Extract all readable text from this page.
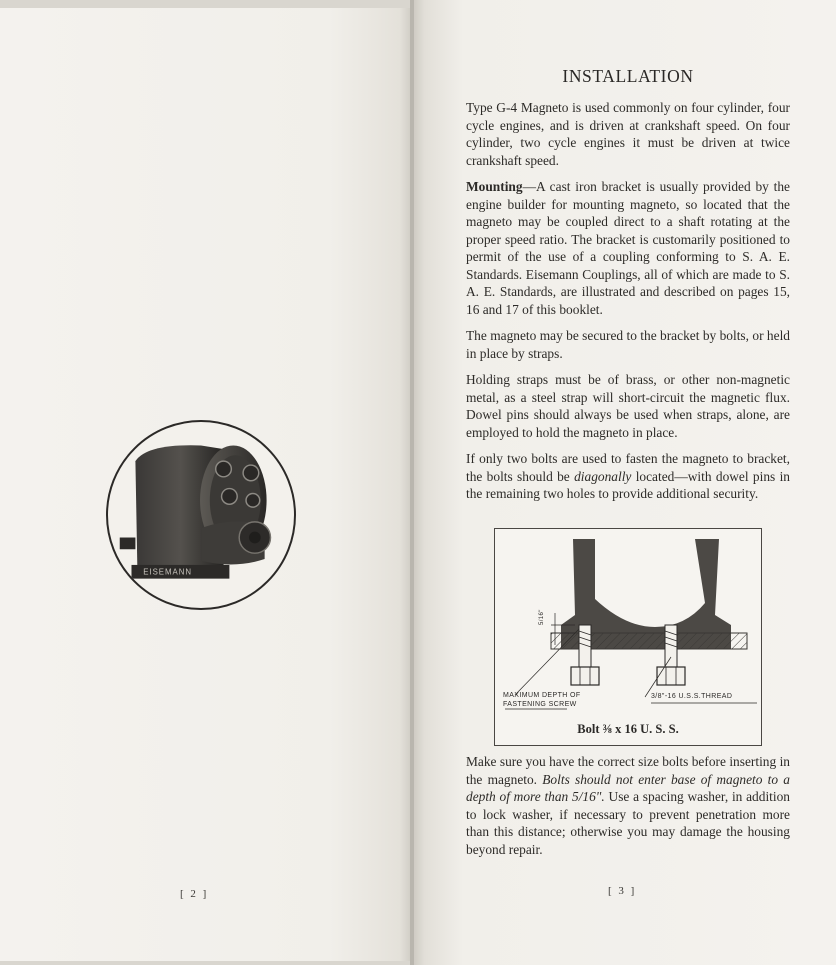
EISEMANN
[ 2 ]
INSTALLATION

Type G-4 Magneto is used commonly on four cylinder, four cycle engines, and is driven at crankshaft speed. On four cylinder, two cycle engines it must be driven at twice crankshaft speed.

Mounting—A cast iron bracket is usually provided by the engine builder for mounting magneto, so located that the magneto may be coupled direct to a shaft rotating at the proper speed ratio. The bracket is customarily positioned to permit of the use of a coupling conforming to S. A. E. Standards. Eisemann Couplings, all of which are made to S. A. E. Standards, are illustrated and described on pages 15, 16 and 17 of this booklet.

The magneto may be secured to the bracket by bolts, or held in place by straps.

Holding straps must be of brass, or other non-magnetic metal, as a steel strap will short-circuit the magnetic flux. Dowel pins should always be used when straps, alone, are employed to hold the magneto in place.

If only two bolts are used to fasten the magneto to bracket, the bolts should be diagonally located—with dowel pins in the remaining two holes to provide additional security.

5/16"
MAXIMUM DEPTH OF
FASTENING SCREW
3/8"-16 U.S.S.THREAD
Bolt ⅜ x 16 U. S. S.

Make sure you have the correct size bolts before inserting in the magneto. Bolts should not enter base of magneto to a depth of more than 5/16". Use a spacing washer, in addition to lock washer, if necessary to prevent penetration more than this distance; otherwise you may damage the housing beyond repair.

[ 3 ]
